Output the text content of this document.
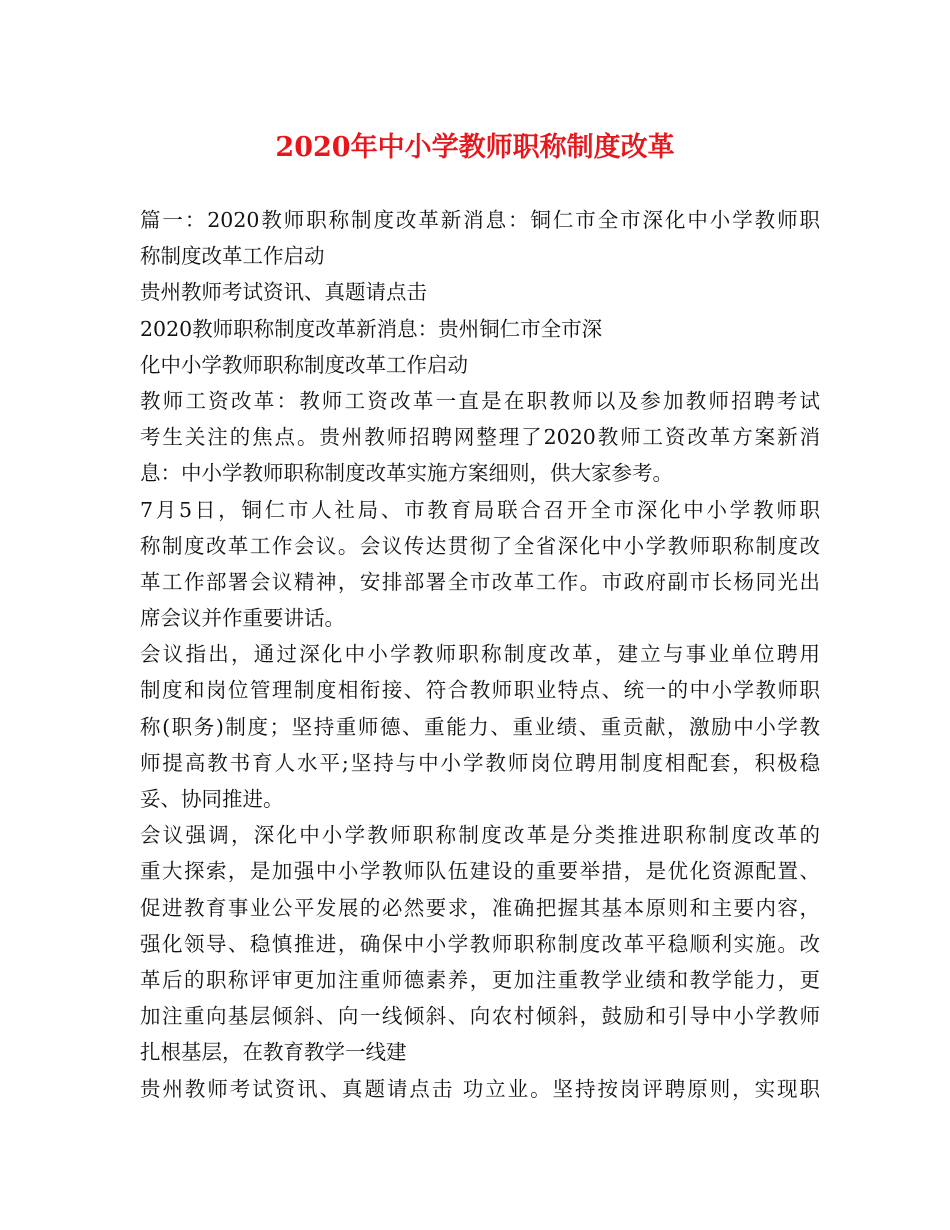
2020年中小学教师职称制度改革
篇一：2020教师职称制度改革新消息：铜仁市全市深化中小学教师职
称制度改革工作启动
贵州教师考试资讯、真题请点击
2020教师职称制度改革新消息：贵州铜仁市全市深
化中小学教师职称制度改革工作启动
教师工资改革：教师工资改革一直是在职教师以及参加教师招聘考试
考生关注的焦点。贵州教师招聘网整理了2020教师工资改革方案新消
息：中小学教师职称制度改革实施方案细则，供大家参考。
7月5日，铜仁市人社局、市教育局联合召开全市深化中小学教师职
称制度改革工作会议。会议传达贯彻了全省深化中小学教师职称制度改
革工作部署会议精神，安排部署全市改革工作。市政府副市长杨同光出
席会议并作重要讲话。
会议指出，通过深化中小学教师职称制度改革，建立与事业单位聘用
制度和岗位管理制度相衔接、符合教师职业特点、统一的中小学教师职
称(职务)制度；坚持重师德、重能力、重业绩、重贡献，激励中小学教
师提高教书育人水平;坚持与中小学教师岗位聘用制度相配套，积极稳
妥、协同推进。
会议强调，深化中小学教师职称制度改革是分类推进职称制度改革的
重大探索，是加强中小学教师队伍建设的重要举措，是优化资源配置、
促进教育事业公平发展的必然要求，准确把握其基本原则和主要内容，
强化领导、稳慎推进，确保中小学教师职称制度改革平稳顺利实施。改
革后的职称评审更加注重师德素养，更加注重教学业绩和教学能力，更
加注重向基层倾斜、向一线倾斜、向农村倾斜，鼓励和引导中小学教师
扎根基层，在教育教学一线建
贵州教师考试资讯、真题请点击 功立业。坚持按岗评聘原则，实现职
